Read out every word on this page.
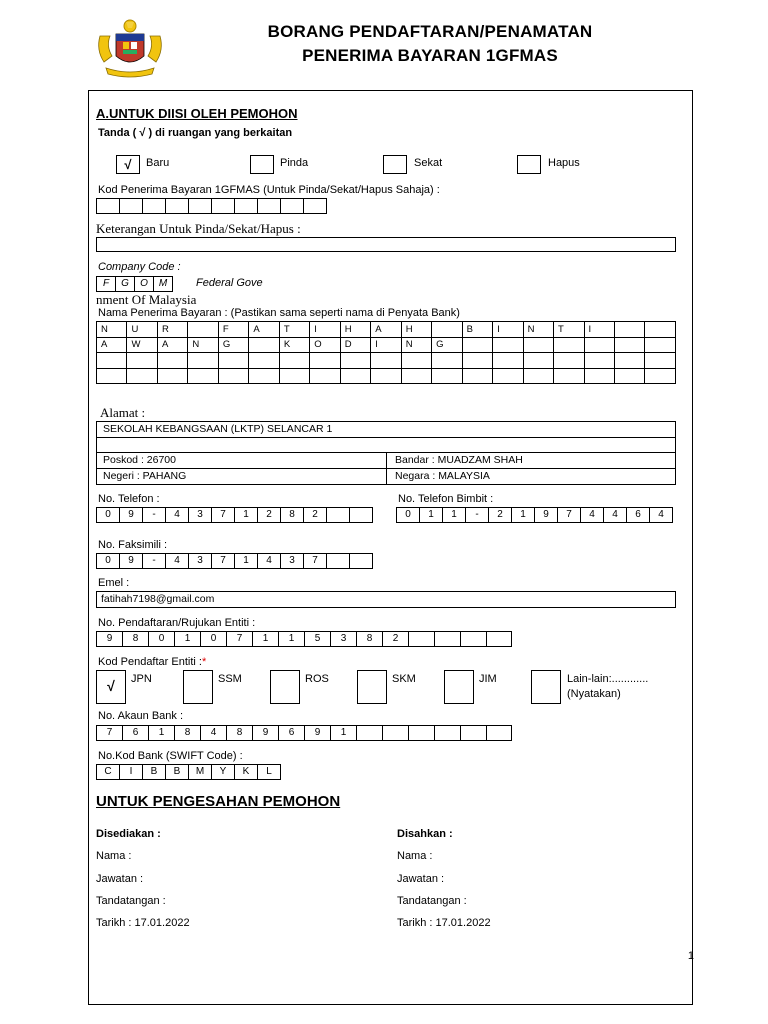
BORANG PENDAFTARAN/PENAMATAN
PENERIMA BAYARAN 1GFMAS
A.UNTUK DIISI OLEH PEMOHON
Tanda ( √ ) di ruangan yang berkaitan
√	Baru	Pinda	Sekat	Hapus
Kod Penerima Bayaran 1GFMAS (Untuk Pinda/Sekat/Hapus Sahaja) :
Keterangan Untuk Pinda/Sekat/Hapus :
Company Code :
F	G	O	M	Federal Gove
nment Of Malaysia
Nama Penerima Bayaran : (Pastikan sama seperti nama di Penyata Bank)
N	U	R		F	A	T	I	H	A	H		B	I	N	T	I		
A	W	A	N	G		K	O	D	I	N	G							

Alamat :
SEKOLAH KEBANGSAAN (LKTP) SELANCAR 1
Poskod : 26700	Bandar : MUADZAM SHAH
Negeri : PAHANG	Negara : MALAYSIA
No. Telefon :
0	9	-	4	3	7	1	2	8	2
No. Telefon Bimbit :
0	1	1	-	2	1	9	7	4	4	6	4
No. Faksimili :
0	9	-	4	3	7	1	4	3	7
Emel :
fatihah7198@gmail.com
No. Pendaftaran/Rujukan Entiti :
9	8	0	1	0	7	1	1	5	3	8	2
Kod Pendaftar Entiti :*
√	JPN	SSM	ROS	SKM	JIM	Lain-lain:............
(Nyatakan)
No. Akaun Bank :
7	6	1	8	4	8	9	6	9	1
No.Kod Bank (SWIFT Code) :
C	I	B	B	M	Y	K	L
UNTUK PENGESAHAN PEMOHON
Disediakan :
Nama :
Jawatan :
Tandatangan :
Tarikh : 17.01.2022
Disahkan :
Nama :
Jawatan :
Tandatangan :
Tarikh : 17.01.2022
1
